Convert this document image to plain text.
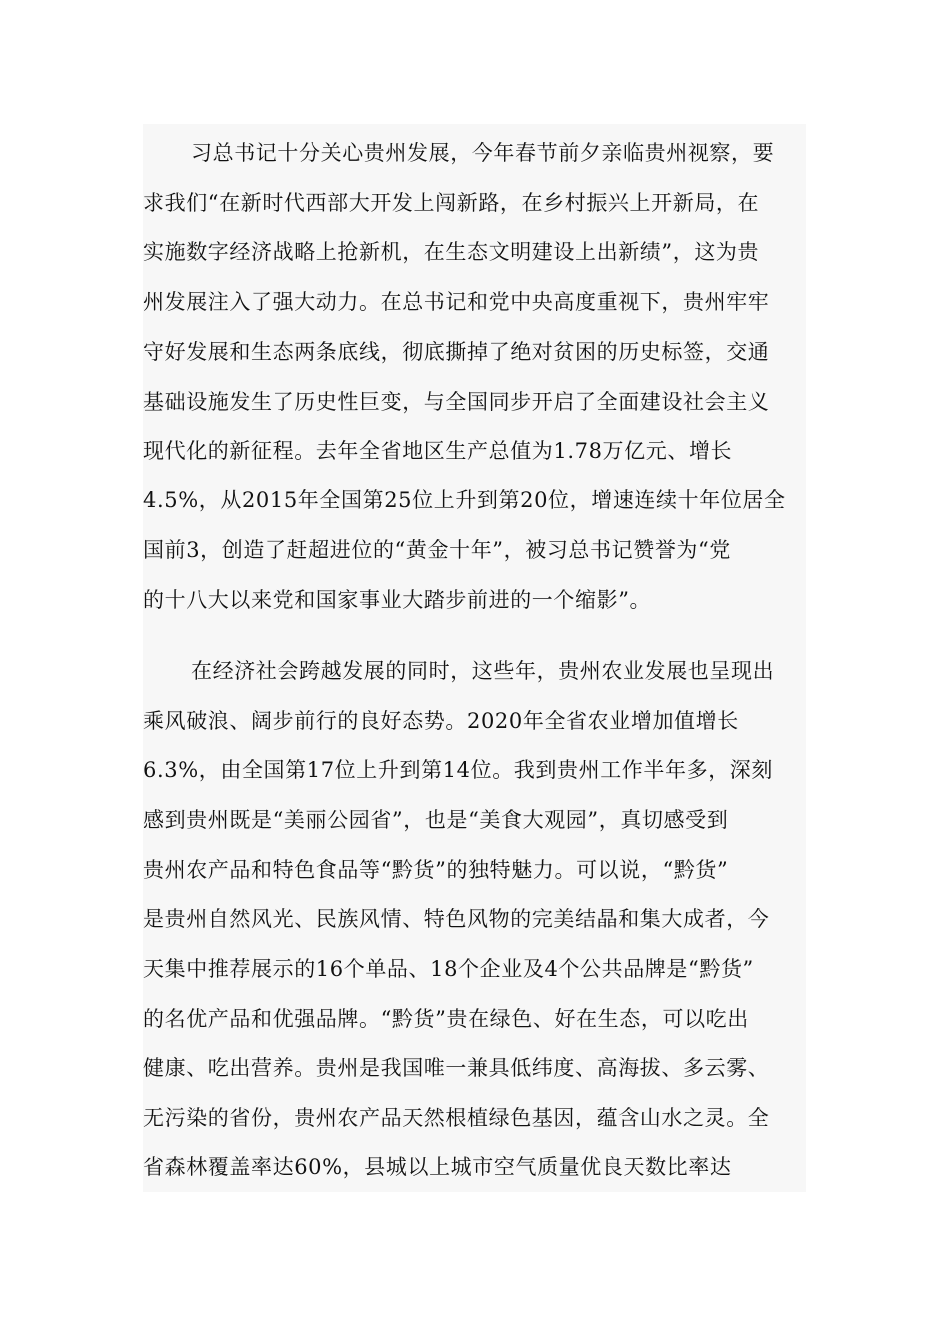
习总书记十分关心贵州发展，今年春节前夕亲临贵州视察，要
求我们“在新时代西部大开发上闯新路，在乡村振兴上开新局，在
实施数字经济战略上抢新机，在生态文明建设上出新绩”，这为贵
州发展注入了强大动力。在总书记和党中央高度重视下，贵州牢牢
守好发展和生态两条底线，彻底撕掉了绝对贫困的历史标签，交通
基础设施发生了历史性巨变，与全国同步开启了全面建设社会主义
现代化的新征程。去年全省地区生产总值为1.78万亿元、增长
4.5%，从2015年全国第25位上升到第20位，增速连续十年位居全
国前3，创造了赶超进位的“黄金十年”，被习总书记赞誉为“党
的十八大以来党和国家事业大踏步前进的一个缩影”。
在经济社会跨越发展的同时，这些年，贵州农业发展也呈现出
乘风破浪、阔步前行的良好态势。2020年全省农业增加值增长
6.3%，由全国第17位上升到第14位。我到贵州工作半年多，深刻
感到贵州既是“美丽公园省”，也是“美食大观园”，真切感受到
贵州农产品和特色食品等“黔货”的独特魅力。可以说，“黔货”
是贵州自然风光、民族风情、特色风物的完美结晶和集大成者，今
天集中推荐展示的16个单品、18个企业及4个公共品牌是“黔货”
的名优产品和优强品牌。“黔货”贵在绿色、好在生态，可以吃出
健康、吃出营养。贵州是我国唯一兼具低纬度、高海拔、多云雾、
无污染的省份，贵州农产品天然根植绿色基因，蕴含山水之灵。全
省森林覆盖率达60%，县城以上城市空气质量优良天数比率达
